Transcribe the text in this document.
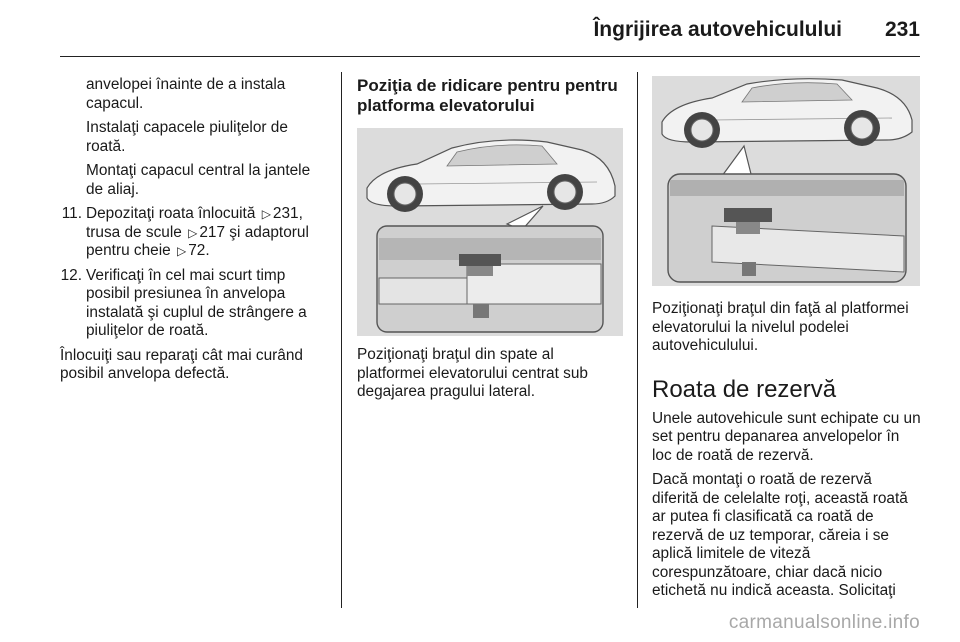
Îngrijirea autovehiculului 231

anvelopei înainte de a instala capacul.

Instalaţi capacele piuliţelor de roată.

Montaţi capacul central la jantele de aliaj.

11. Depozitaţi roata înlocuită ▷ 231, trusa de scule ▷ 217 şi adaptorul pentru cheie ▷ 72.
12. Verificaţi în cel mai scurt timp posibil presiunea în anvelopa instalată şi cuplul de strângere a piuliţelor de roată.

Înlocuiţi sau reparaţi cât mai curând posibil anvelopa defectă.

Poziţia de ridicare pentru pentru platforma elevatorului

Poziţionaţi braţul din spate al platformei elevatorului centrat sub degajarea pragului lateral.

Poziţionaţi braţul din faţă al platformei elevatorului la nivelul podelei autovehiculului.

Roata de rezervă

Unele autovehicule sunt echipate cu un set pentru depanarea anvelopelor în loc de roată de rezervă.

Dacă montaţi o roată de rezervă diferită de celelalte roţi, această roată ar putea fi clasificată ca roată de rezervă de uz temporar, căreia i se aplică limitele de viteză corespunzătoare, chiar dacă nicio etichetă nu indică aceasta. Solicitaţi

carmanualsonline.info
